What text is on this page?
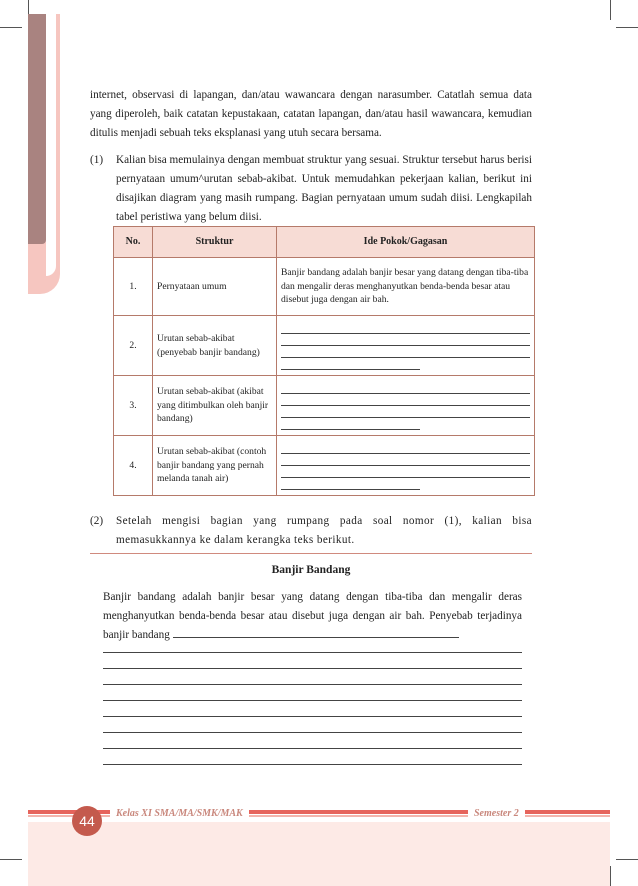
internet, observasi di lapangan, dan/atau wawancara dengan narasumber. Catatlah semua data yang diperoleh, baik catatan kepustakaan, catatan lapangan, dan/atau hasil wawancara, kemudian ditulis menjadi sebuah teks eksplanasi yang utuh secara bersama.

(1)	Kalian bisa memulainya dengan membuat struktur yang sesuai. Struktur tersebut harus berisi pernyataan umum^urutan sebab-akibat. Untuk memudahkan pekerjaan kalian, berikut ini disajikan diagram yang masih rumpang. Bagian pernyataan umum sudah diisi. Lengkapilah tabel peristiwa yang belum diisi.
No.	Struktur	Ide Pokok/Gagasan
1.	Pernyataan umum	Banjir bandang adalah banjir besar yang datang dengan tiba-tiba dan mengalir deras menghanyutkan benda-benda besar atau disebut juga dengan air bah.
2.	Urutan sebab-akibat (penyebab banjir bandang)	

3.	Urutan sebab-akibat (akibat yang ditimbulkan oleh banjir bandang)	

4.	Urutan sebab-akibat (contoh banjir bandang yang pernah melanda tanah air)	
(2)	Setelah mengisi bagian yang rumpang pada soal nomor (1), kalian bisa memasukkannya ke dalam kerangka teks berikut.
Banjir Bandang
Banjir bandang adalah banjir besar yang datang dengan tiba-tiba dan mengalir deras menghanyutkan benda-benda besar atau disebut juga dengan air bah. Penyebab terjadinya banjir bandang
44	Kelas XI SMA/MA/SMK/MAK	Semester 2
